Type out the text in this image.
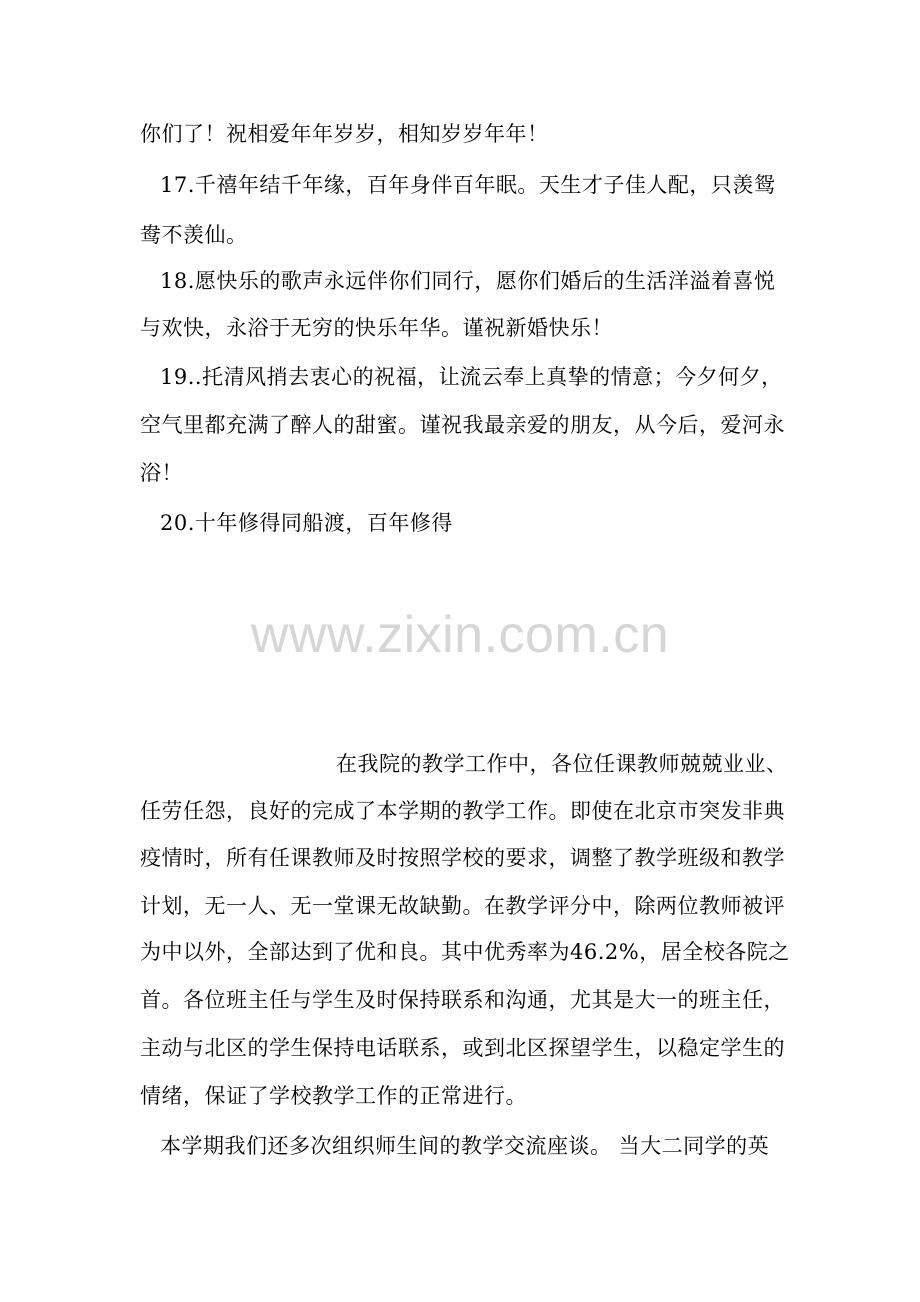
你们了！祝相爱年年岁岁，相知岁岁年年！
17.千禧年结千年缘，百年身伴百年眠。天生才子佳人配，只羡鸳
鸯不羡仙。
18.愿快乐的歌声永远伴你们同行，愿你们婚后的生活洋溢着喜悦
与欢快，永浴于无穷的快乐年华。谨祝新婚快乐！
19..托清风捎去衷心的祝福，让流云奉上真挚的情意；今夕何夕，
空气里都充满了醉人的甜蜜。谨祝我最亲爱的朋友，从今后，爱河永
浴！
20.十年修得同船渡，百年修得
www.zixin.com.cn
在我院的教学工作中，各位任课教师兢兢业业、
任劳任怨，良好的完成了本学期的教学工作。即使在北京市突发非典
疫情时，所有任课教师及时按照学校的要求，调整了教学班级和教学
计划，无一人、无一堂课无故缺勤。在教学评分中，除两位教师被评
为中以外，全部达到了优和良。其中优秀率为46.2%，居全校各院之
首。各位班主任与学生及时保持联系和沟通，尤其是大一的班主任，
主动与北区的学生保持电话联系，或到北区探望学生，以稳定学生的
情绪，保证了学校教学工作的正常进行。
本学期我们还多次组织师生间的教学交流座谈。 当大二同学的英
